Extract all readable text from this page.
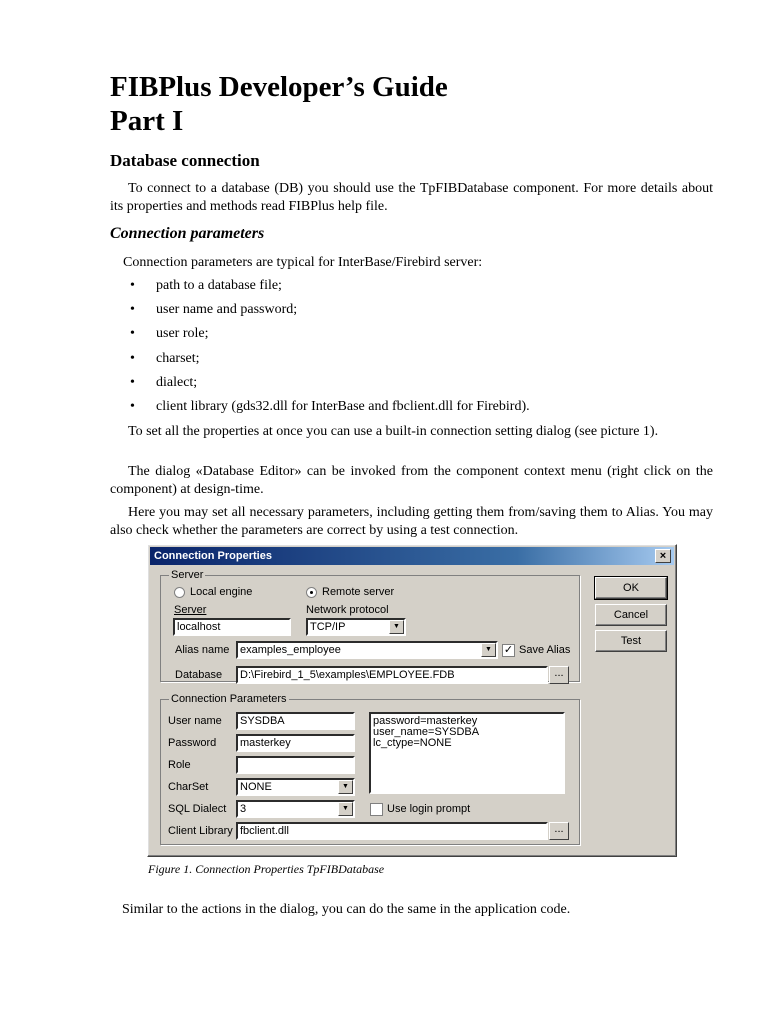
FIBPlus Developer’s Guide
Part I
Database connection

To connect to a database (DB) you should use the TpFIBDatabase component. For more details about its properties and methods read FIBPlus help file.

Connection parameters

Connection parameters are typical for InterBase/Firebird server:

• path to a database file;
• user name and password;
• user role;
• charset;
• dialect;
• client library (gds32.dll for InterBase and fbclient.dll for Firebird).

To set all the properties at once you can use a built-in connection setting dialog (see picture 1).

The dialog «Database Editor» can be invoked from the component context menu (right click on the component) at design-time.

Here you may set all necessary parameters, including getting them from/saving them to Alias. You may also check whether the parameters are correct by using a test connection.

Connection Properties	×
Server
Local engine	Remote server
Server
localhost
Network protocol
TCP/IP	▼
Alias name examples_employee	▼	✓ Save Alias
Database	D:\Firebird_1_5\examples\EMPLOYEE.FDB	...
Connection Parameters
User name	SYSDBA
Password	masterkey
Role
CharSet	NONE	▼
SQL Dialect	3	▼
password=masterkey
user_name=SYSDBA
lc_ctype=NONE
Use login prompt
Client Library fbclient.dll	...
OK
Cancel
Test
Figure 1. Connection Properties TpFIBDatabase

Similar to the actions in the dialog, you can do the same in the application code.
